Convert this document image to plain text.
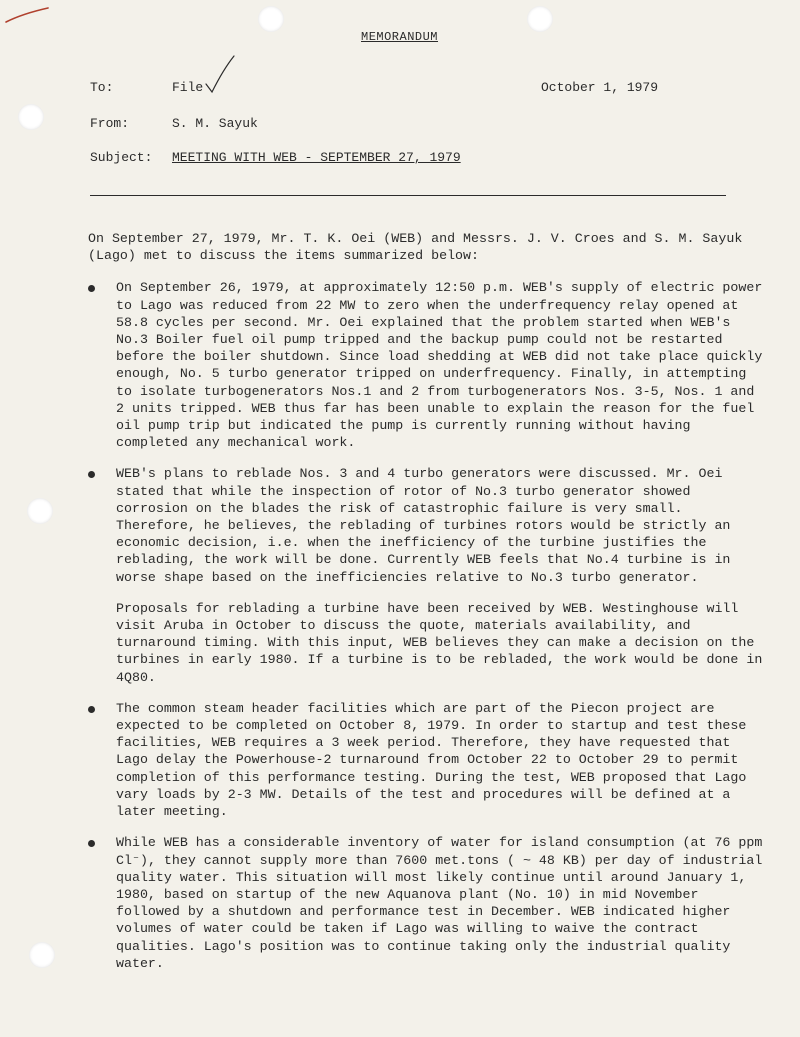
MEMORANDUM
To:	File	October 1, 1979
From:	S. M. Sayuk
Subject: MEETING WITH WEB - SEPTEMBER 27, 1979

On September 27, 1979, Mr. T. K. Oei (WEB) and Messrs. J. V. Croes and S. M. Sayuk (Lago) met to discuss the items summarized below:

On September 26, 1979, at approximately 12:50 p.m. WEB's supply of electric power to Lago was reduced from 22 MW to zero when the underfrequency relay opened at 58.8 cycles per second. Mr. Oei explained that the problem started when WEB's No.3 Boiler fuel oil pump tripped and the backup pump could not be restarted before the boiler shutdown. Since load shedding at WEB did not take place quickly enough, No. 5 turbo generator tripped on underfrequency. Finally, in attempting to isolate turbogenerators Nos.1 and 2 from turbogenerators Nos. 3-5, Nos. 1 and 2 units tripped. WEB thus far has been unable to explain the reason for the fuel oil pump trip but indicated the pump is currently running without having completed any mechanical work.

WEB's plans to reblade Nos. 3 and 4 turbo generators were discussed. Mr. Oei stated that while the inspection of rotor of No.3 turbo generator showed corrosion on the blades the risk of catastrophic failure is very small. Therefore, he believes, the reblading of turbines rotors would be strictly an economic decision, i.e. when the inefficiency of the turbine justifies the reblading, the work will be done. Currently WEB feels that No.4 turbine is in worse shape based on the inefficiencies relative to No.3 turbo generator.

Proposals for reblading a turbine have been received by WEB. Westinghouse will visit Aruba in October to discuss the quote, materials availability, and turnaround timing. With this input, WEB believes they can make a decision on the turbines in early 1980. If a turbine is to be rebladed, the work would be done in 4Q80.

The common steam header facilities which are part of the Piecon project are expected to be completed on October 8, 1979. In order to startup and test these facilities, WEB requires a 3 week period. Therefore, they have requested that Lago delay the Powerhouse-2 turnaround from October 22 to October 29 to permit completion of this performance testing. During the test, WEB proposed that Lago vary loads by 2-3 MW. Details of the test and procedures will be defined at a later meeting.

While WEB has a considerable inventory of water for island consumption (at 76 ppm Cl⁻), they cannot supply more than 7600 met.tons ( ~ 48 KB) per day of industrial quality water. This situation will most likely continue until around January 1, 1980, based on startup of the new Aquanova plant (No. 10) in mid November followed by a shutdown and performance test in December. WEB indicated higher volumes of water could be taken if Lago was willing to waive the contract qualities. Lago's position was to continue taking only the industrial quality water.
